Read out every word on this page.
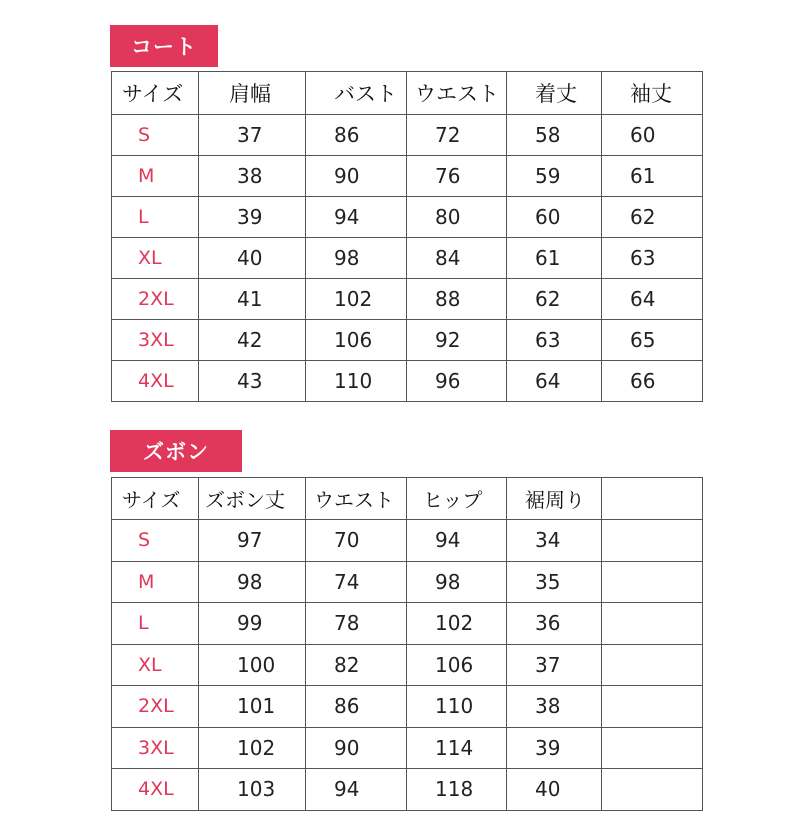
コート
サイズ	肩幅	バスト	ウエスト	着丈	袖丈
S	37	86	72	58	60
M	38	90	76	59	61
L	39	94	80	60	62
XL	40	98	84	61	63
2XL	41	102	88	62	64
3XL	42	106	92	63	65
4XL	43	110	96	64	66
ズボン
サイズ	ズボン丈	ウエスト	ヒップ	裾周り	
S	97	70	94	34	
M	98	74	98	35	
L	99	78	102	36	
XL	100	82	106	37	
2XL	101	86	110	38	
3XL	102	90	114	39	
4XL	103	94	118	40	
